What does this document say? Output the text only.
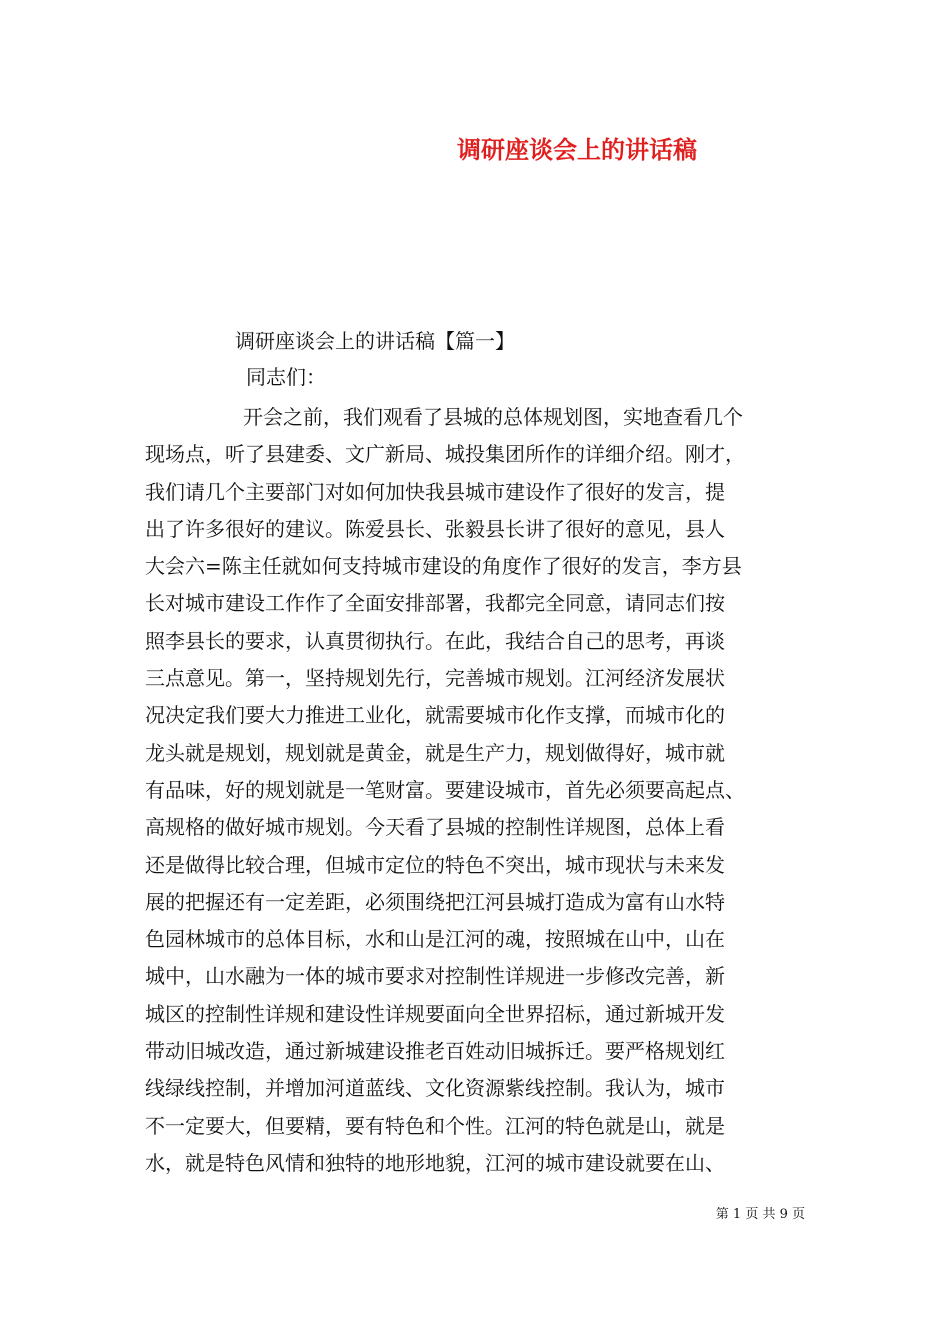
调研座谈会上的讲话稿
调研座谈会上的讲话稿【篇一】
同志们：
开会之前，我们观看了县城的总体规划图，实地查看几个
现场点，听了县建委、文广新局、城投集团所作的详细介绍。刚才，
我们请几个主要部门对如何加快我县城市建设作了很好的发言，提
出了许多很好的建议。陈爱县长、张毅县长讲了很好的意见，县人
大会六=陈主任就如何支持城市建设的角度作了很好的发言，李方县
长对城市建设工作作了全面安排部署，我都完全同意，请同志们按
照李县长的要求，认真贯彻执行。在此，我结合自己的思考，再谈
三点意见。第一，坚持规划先行，完善城市规划。江河经济发展状
况决定我们要大力推进工业化，就需要城市化作支撑，而城市化的
龙头就是规划，规划就是黄金，就是生产力，规划做得好，城市就
有品味，好的规划就是一笔财富。要建设城市，首先必须要高起点、
高规格的做好城市规划。今天看了县城的控制性详规图，总体上看
还是做得比较合理，但城市定位的特色不突出，城市现状与未来发
展的把握还有一定差距，必须围绕把江河县城打造成为富有山水特
色园林城市的总体目标，水和山是江河的魂，按照城在山中，山在
城中，山水融为一体的城市要求对控制性详规进一步修改完善，新
城区的控制性详规和建设性详规要面向全世界招标，通过新城开发
带动旧城改造，通过新城建设推老百姓动旧城拆迁。要严格规划红
线绿线控制，并增加河道蓝线、文化资源紫线控制。我认为，城市
不一定要大，但要精，要有特色和个性。江河的特色就是山，就是
水，就是特色风情和独特的地形地貌，江河的城市建设就要在山、
第 1 页 共 9 页
